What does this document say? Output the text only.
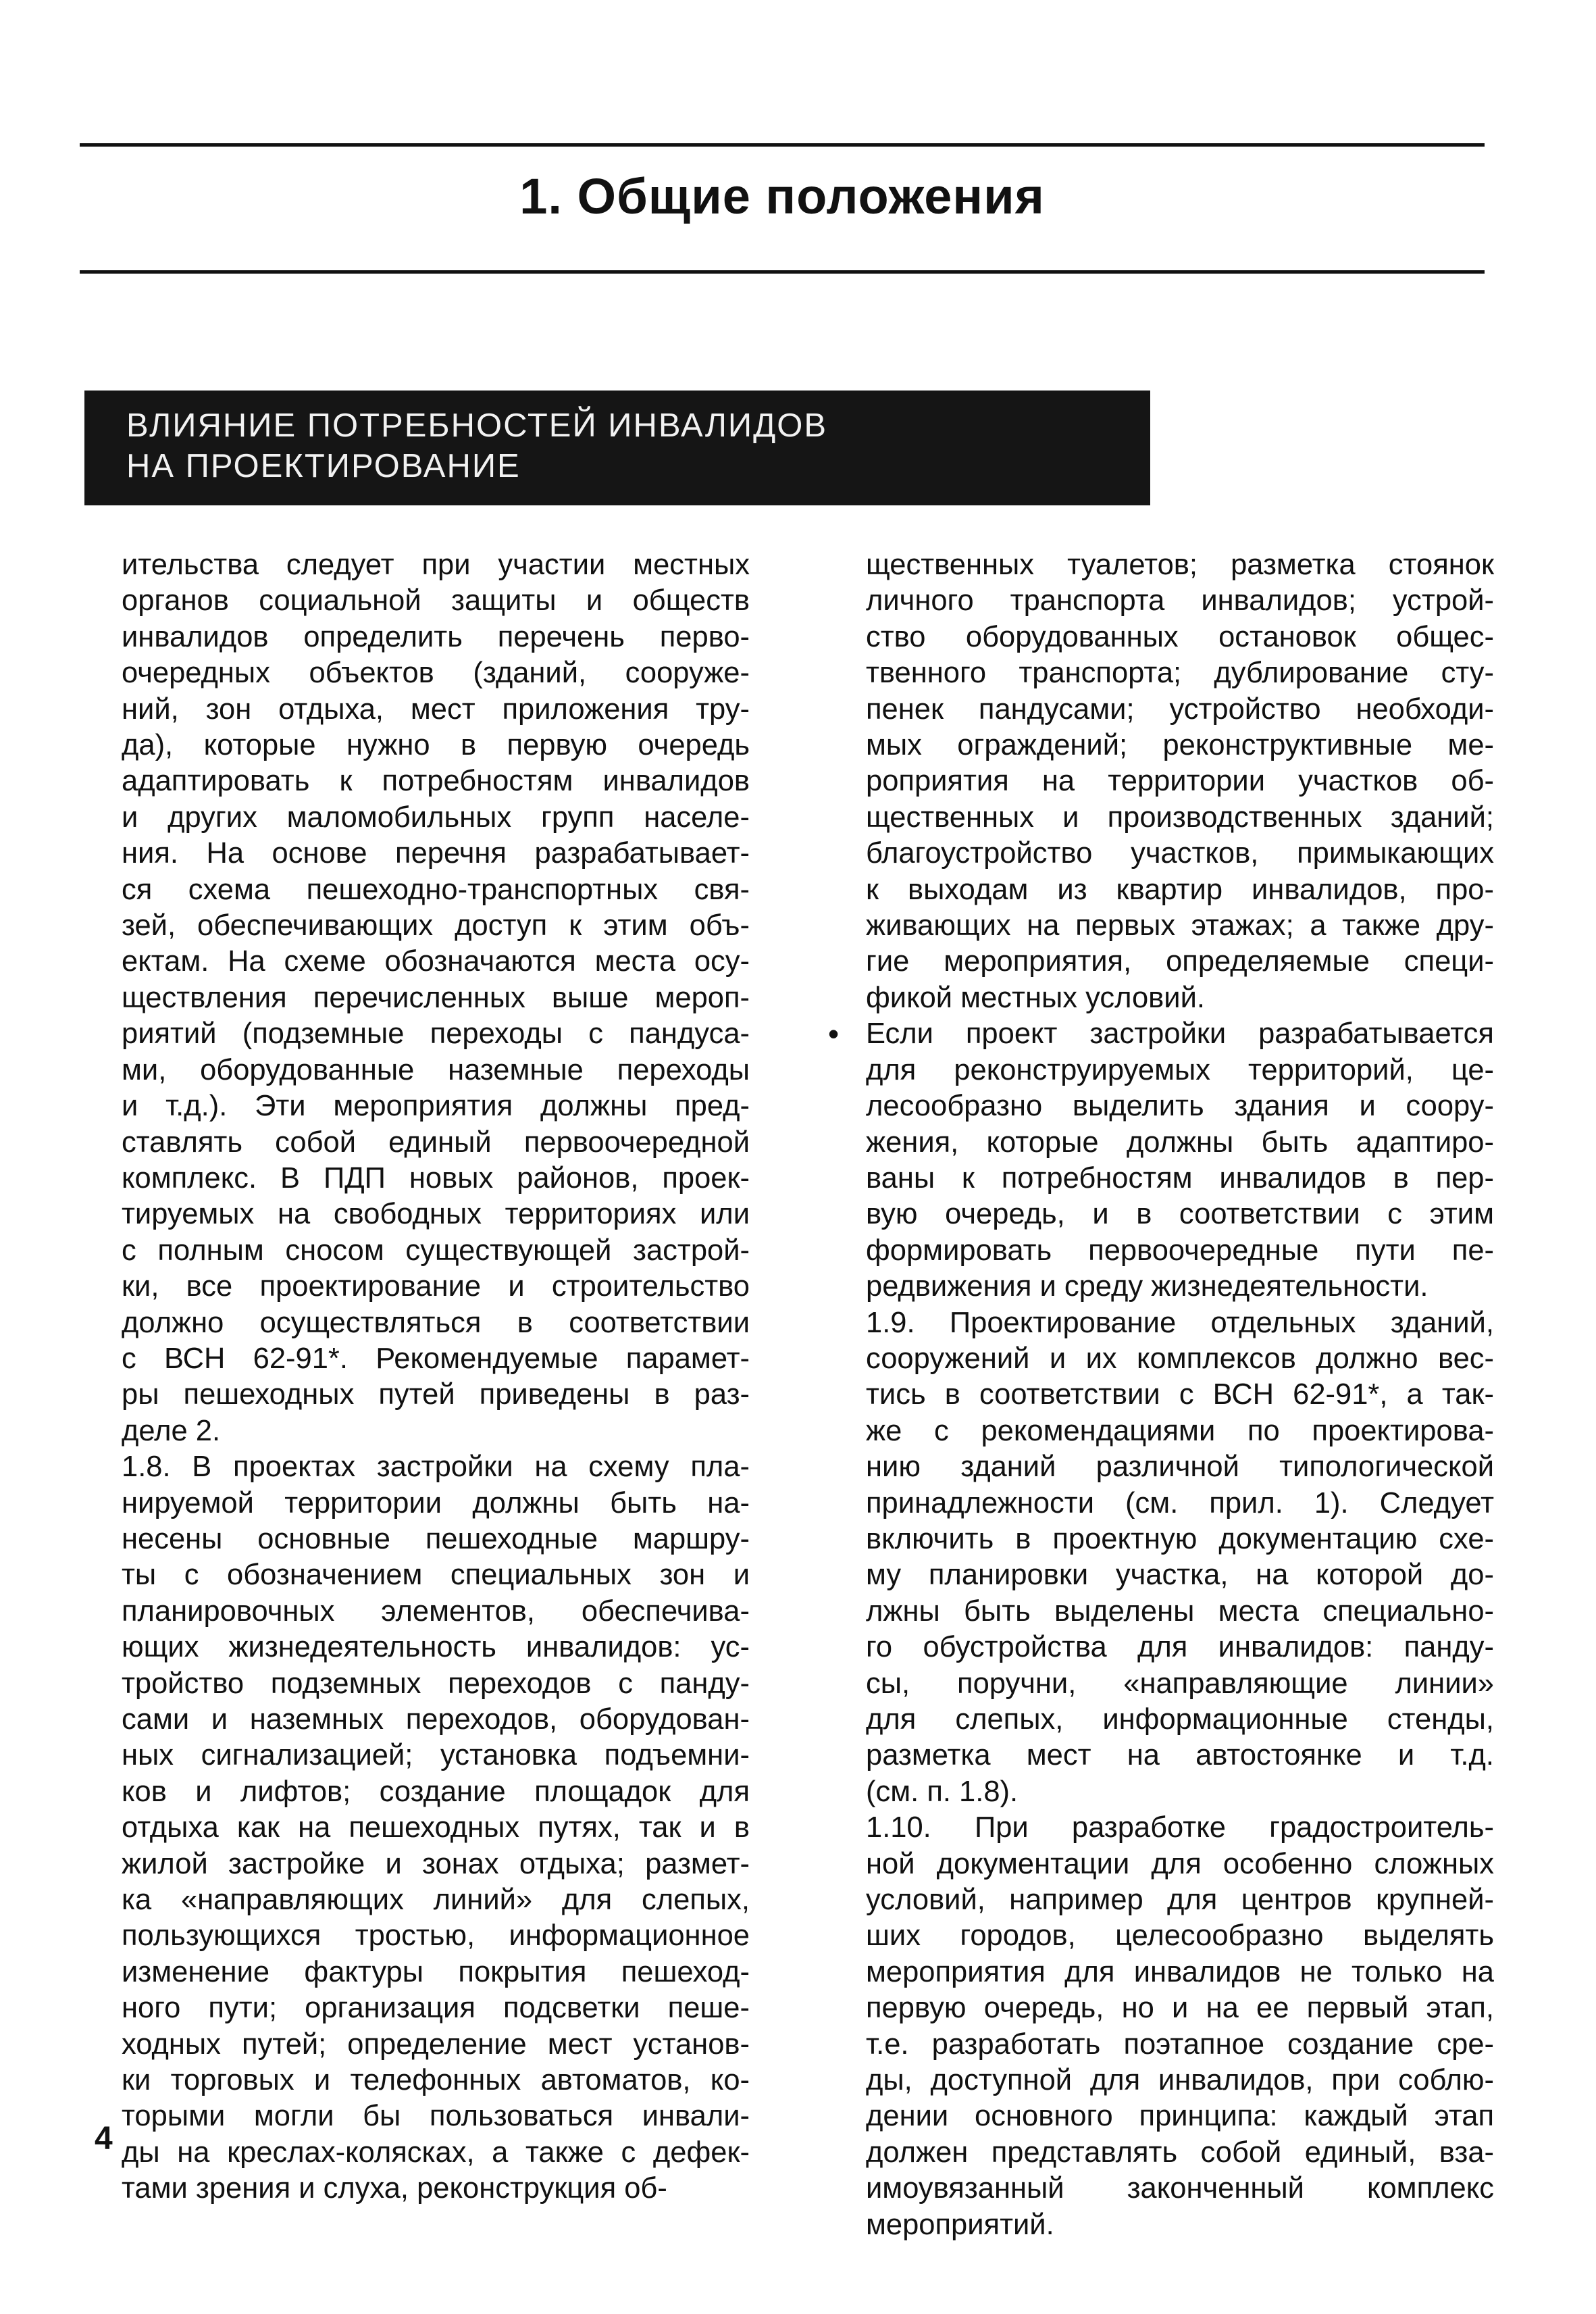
1. Общие положения
ВЛИЯНИЕ ПОТРЕБНОСТЕЙ ИНВАЛИДОВ
НА ПРОЕКТИРОВАНИЕ
ительства следует при участии местных
органов социальной защиты и обществ
инвалидов определить перечень перво-
очередных объектов (зданий, сооруже-
ний, зон отдыха, мест приложения тру-
да), которые нужно в первую очередь
адаптировать к потребностям инвалидов
и других маломобильных групп населе-
ния. На основе перечня разрабатывает-
ся схема пешеходно-транспортных свя-
зей, обеспечивающих доступ к этим объ-
ектам. На схеме обозначаются места осу-
ществления перечисленных выше мероп-
риятий (подземные переходы с пандуса-
ми, оборудованные наземные переходы
и т.д.). Эти мероприятия должны пред-
ставлять собой единый первоочередной
комплекс. В ПДП новых районов, проек-
тируемых на свободных территориях или
с полным сносом существующей застрой-
ки, все проектирование и строительство
должно осуществляться в соответствии
с ВСН 62-91*. Рекомендуемые парамет-
ры пешеходных путей приведены в раз-
деле 2.
1.8. В проектах застройки на схему пла-
нируемой территории должны быть на-
несены основные пешеходные маршру-
ты с обозначением специальных зон и
планировочных элементов, обеспечива-
ющих жизнедеятельность инвалидов: ус-
тройство подземных переходов с панду-
сами и наземных переходов, оборудован-
ных сигнализацией; установка подъемни-
ков и лифтов; создание площадок для
отдыха как на пешеходных путях, так и в
жилой застройке и зонах отдыха; размет-
ка «направляющих линий» для слепых,
пользующихся тростью, информационное
изменение фактуры покрытия пешеход-
ного пути; организация подсветки пеше-
ходных путей; определение мест установ-
ки торговых и телефонных автоматов, ко-
торыми могли бы пользоваться инвали-
ды на креслах-колясках, а также с дефек-
тами зрения и слуха, реконструкция об-
щественных туалетов; разметка стоянок
личного транспорта инвалидов; устрой-
ство оборудованных остановок общес-
твенного транспорта; дублирование сту-
пенек пандусами; устройство необходи-
мых ограждений; реконструктивные ме-
роприятия на территории участков об-
щественных и производственных зданий;
благоустройство участков, примыкающих
к выходам из квартир инвалидов, про-
живающих на первых этажах; а также дру-
гие мероприятия, определяемые специ-
фикой местных условий.
Если проект застройки разрабатывается
для реконструируемых территорий, це-
лесообразно выделить здания и соору-
жения, которые должны быть адаптиро-
ваны к потребностям инвалидов в пер-
вую очередь, и в соответствии с этим
формировать первоочередные пути пе-
редвижения и среду жизнедеятельности.
1.9. Проектирование отдельных зданий,
сооружений и их комплексов должно вес-
тись в соответствии с ВСН 62-91*, а так-
же с рекомендациями по проектирова-
нию зданий различной типологической
принадлежности (см. прил. 1). Следует
включить в проектную документацию схе-
му планировки участка, на которой до-
лжны быть выделены места специально-
го обустройства для инвалидов: панду-
сы, поручни, «направляющие линии»
для слепых, информационные стенды,
разметка мест на автостоянке и т.д.
(см. п. 1.8).
1.10. При разработке градостроитель-
ной документации для особенно сложных
условий, например для центров крупней-
ших городов, целесообразно выделять
мероприятия для инвалидов не только на
первую очередь, но и на ее первый этап,
т.е. разработать поэтапное создание сре-
ды, доступной для инвалидов, при соблю-
дении основного принципа: каждый этап
должен представлять собой единый, вза-
имоувязанный законченный комплекс
мероприятий.
•
4
